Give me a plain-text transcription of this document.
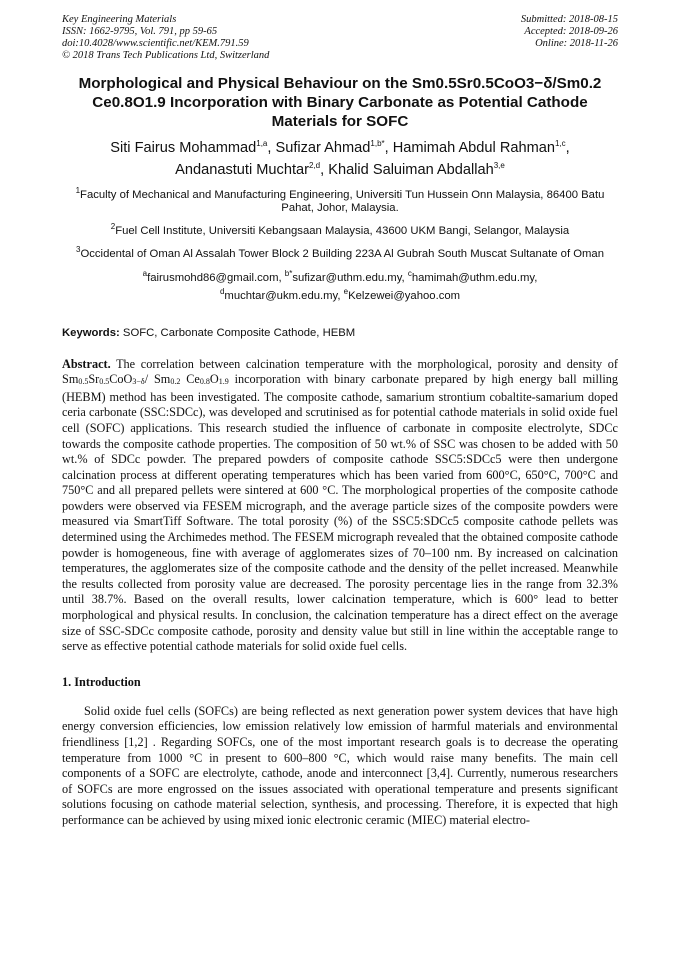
Key Engineering Materials
ISSN: 1662-9795, Vol. 791, pp 59-65
doi:10.4028/www.scientific.net/KEM.791.59
© 2018 Trans Tech Publications Ltd, Switzerland
Submitted: 2018-08-15
Accepted: 2018-09-26
Online: 2018-11-26
Morphological and Physical Behaviour on the Sm0.5Sr0.5CoO3−δ/Sm0.2
Ce0.8O1.9 Incorporation with Binary Carbonate as Potential Cathode
Materials for SOFC
Siti Fairus Mohammad$^{1,a}$, Sufizar Ahmad$^{1,b*}$, Hamimah Abdul Rahman$^{1,c}$,
Andanastuti Muchtar$^{2,d}$, Khalid Saluiman Abdallah$^{3,e}$
$^1$Faculty of Mechanical and Manufacturing Engineering, Universiti Tun Hussein Onn Malaysia, 86400 Batu Pahat, Johor, Malaysia.
$^2$Fuel Cell Institute, Universiti Kebangsaan Malaysia, 43600 UKM Bangi, Selangor, Malaysia
$^3$Occidental of Oman Al Assalah Tower Block 2 Building 223A Al Gubrah South Muscat Sultanate of Oman
$^a$fairusmohd86@gmail.com, $^{b*}$sufizar@uthm.edu.my, $^c$hamimah@uthm.edu.my,
$^d$muchtar@ukm.edu.my, $^e$Kelzewei@yahoo.com
Keywords: SOFC, Carbonate Composite Cathode, HEBM
Abstract. The correlation between calcination temperature with the morphological, porosity and density of Sm0.5Sr0.5CoO3−δ/ Sm0.2 Ce0.8O1.9 incorporation with binary carbonate prepared by high energy ball milling (HEBM) method has been investigated. The composite cathode, samarium strontium cobaltite-samarium doped ceria carbonate (SSC:SDCc), was developed and scrutinised as for potential cathode materials in solid oxide fuel cell (SOFC) applications. This research studied the influence of carbonate in composite electrolyte, SDCc towards the composite cathode properties. The composition of 50 wt.% of SSC was chosen to be added with 50 wt.% of SDCc powder. The prepared powders of composite cathode SSC5:SDCc5 were then undergone calcination process at different operating temperatures which has been varied from 600°C, 650°C, 700°C and 750°C and all prepared pellets were sintered at 600 °C. The morphological properties of the composite cathode powders were observed via FESEM micrograph, and the average particle sizes of the composite powders were measured via SmartTiff Software. The total porosity (%) of the SSC5:SDCc5 composite cathode pellets was determined using the Archimedes method. The FESEM micrograph revealed that the obtained composite cathode powder is homogeneous, fine with average of agglomerates sizes of 70–100 nm. By increased on calcination temperatures, the agglomerates size of the composite cathode and the density of the pellet increased. Meanwhile the results collected from porosity value are decreased. The porosity percentage lies in the range from 32.3% until 38.7%. Based on the overall results, lower calcination temperature, which is 600° lead to better morphological and physical results. In conclusion, the calcination temperature has a direct effect on the average size of SSC-SDCc composite cathode, porosity and density value but still in line within the acceptable range to serve as effective potential cathode materials for solid oxide fuel cells.
1. Introduction
Solid oxide fuel cells (SOFCs) are being reflected as next generation power system devices that have high energy conversion efficiencies, low emission relatively low emission of harmful materials and environmental friendliness [1,2] . Regarding SOFCs, one of the most important research goals is to decrease the operating temperature from 1000 °C in present to 600–800 °C, which would raise many benefits. The main cell components of a SOFC are electrolyte, cathode, anode and interconnect [3,4]. Currently, numerous researchers of SOFCs are more engrossed on the issues associated with operational temperature and presents significant solutions focusing on cathode material selection, synthesis, and processing. Therefore, it is expected that high performance can be achieved by using mixed ionic electronic ceramic (MIEC) material electro-
